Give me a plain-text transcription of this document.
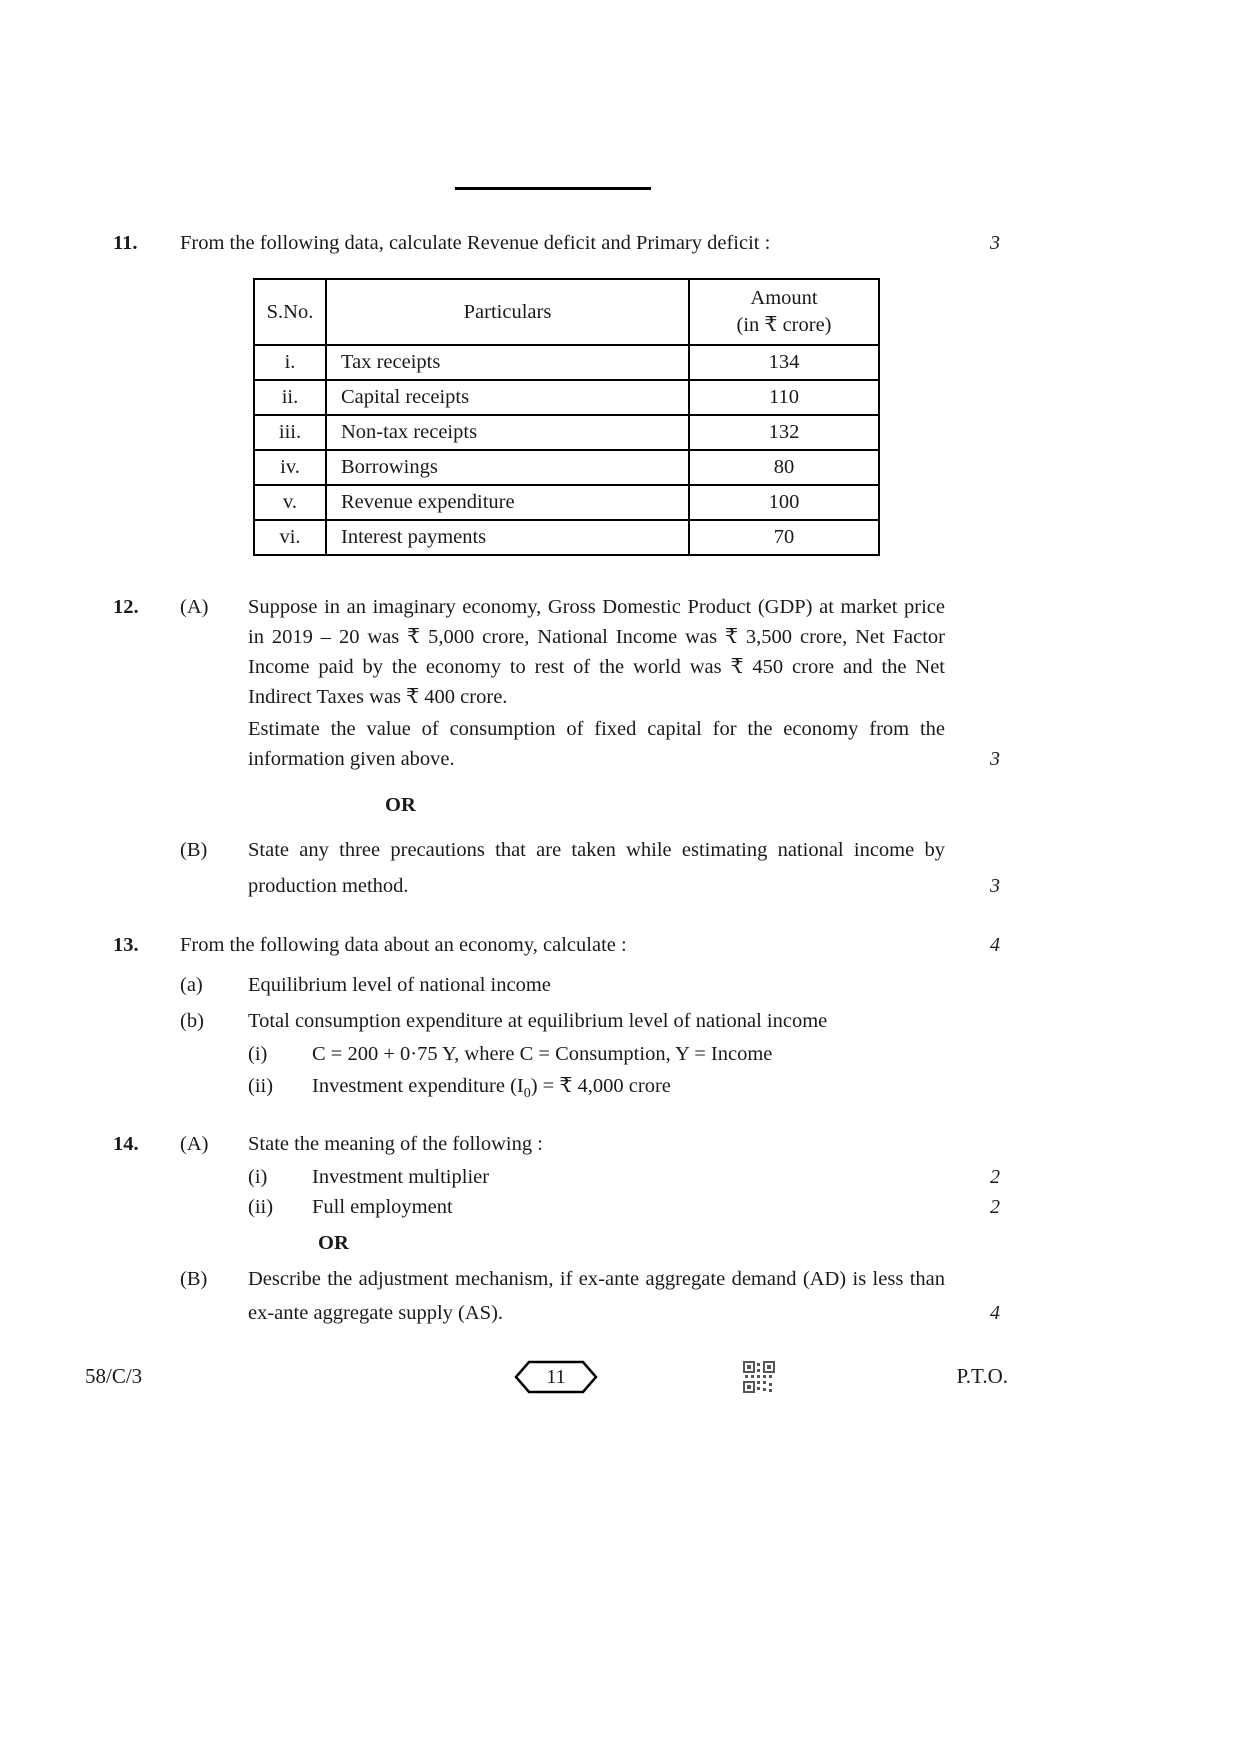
11.	From the following data, calculate Revenue deficit and Primary deficit :	3
S.No.	Particulars	Amount
(in ₹ crore)

i.	Tax receipts	134
ii.	Capital receipts	110
iii.	Non-tax receipts	132
iv.	Borrowings	80
v.	Revenue expenditure	100
vi.	Interest payments	70
12.	(A)	Suppose in an imaginary economy, Gross Domestic Product (GDP) at market price in 2019 – 20 was ₹ 5,000 crore, National Income was ₹ 3,500 crore, Net Factor Income paid by the economy to rest of the world was ₹ 450 crore and the Net Indirect Taxes was ₹ 400 crore.
Estimate the value of consumption of fixed capital for the economy from the information given above.	3
OR
(B)	State any three precautions that are taken while estimating national income by production method.	3
13.	From the following data about an economy, calculate :	4
(a)	Equilibrium level of national income
(b)	Total consumption expenditure at equilibrium level of national income
(i)	C = 200 + 0·75 Y, where C = Consumption, Y = Income
(ii)	Investment expenditure $(I_0)$ = ₹ 4,000 crore
14.	(A)	State the meaning of the following :
(i)	Investment multiplier	2
(ii)	Full employment	2
OR
(B)	Describe the adjustment mechanism, if ex-ante aggregate demand (AD) is less than ex-ante aggregate supply (AS).	4
58/C/3	11	P.T.O.
